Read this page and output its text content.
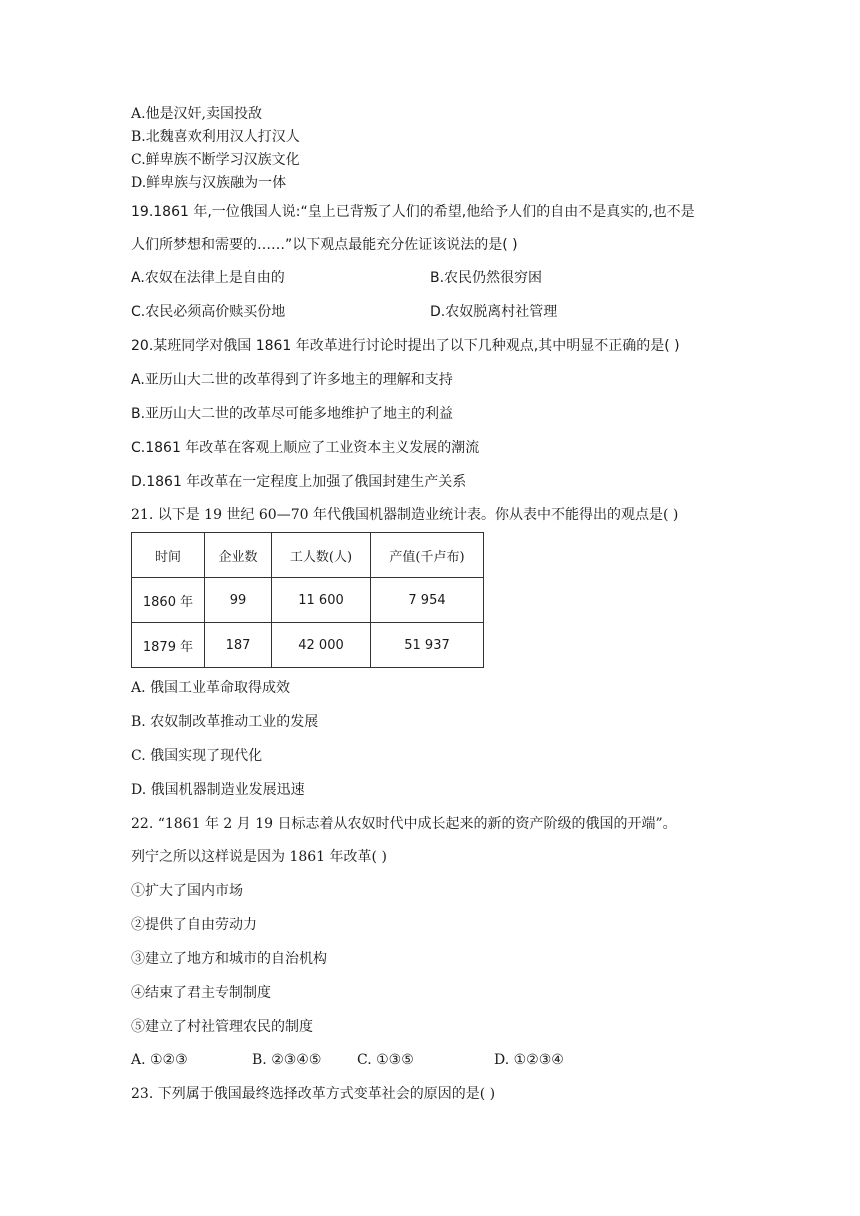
A.他是汉奸,卖国投敌
B.北魏喜欢利用汉人打汉人
C.鲜卑族不断学习汉族文化
D.鲜卑族与汉族融为一体
19.1861 年,一位俄国人说:“皇上已背叛了人们的希望,他给予人们的自由不是真实的,也不是
人们所梦想和需要的……”以下观点最能充分佐证该说法的是( )
A.农奴在法律上是自由的	B.农民仍然很穷困
C.农民必须高价赎买份地	D.农奴脱离村社管理
20.某班同学对俄国 1861 年改革进行讨论时提出了以下几种观点,其中明显不正确的是( )
A.亚历山大二世的改革得到了许多地主的理解和支持
B.亚历山大二世的改革尽可能多地维护了地主的利益
C.1861 年改革在客观上顺应了工业资本主义发展的潮流
D.1861 年改革在一定程度上加强了俄国封建生产关系
21. 以下是 19 世纪 60—70 年代俄国机器制造业统计表。你从表中不能得出的观点是( )
时间	企业数	工人数(人)	产值(千卢布)
1860 年	99	11 600	7 954
1879 年	187	42 000	51 937
A. 俄国工业革命取得成效
B. 农奴制改革推动工业的发展
C. 俄国实现了现代化
D. 俄国机器制造业发展迅速
22. “1861 年 2 月 19 日标志着从农奴时代中成长起来的新的资产阶级的俄国的开端”。
列宁之所以这样说是因为 1861 年改革( )
①扩大了国内市场
②提供了自由劳动力
③建立了地方和城市的自治机构
④结束了君主专制制度
⑤建立了村社管理农民的制度
A. ①②③	B. ②③④⑤	C. ①③⑤	D. ①②③④
23. 下列属于俄国最终选择改革方式变革社会的原因的是( )
